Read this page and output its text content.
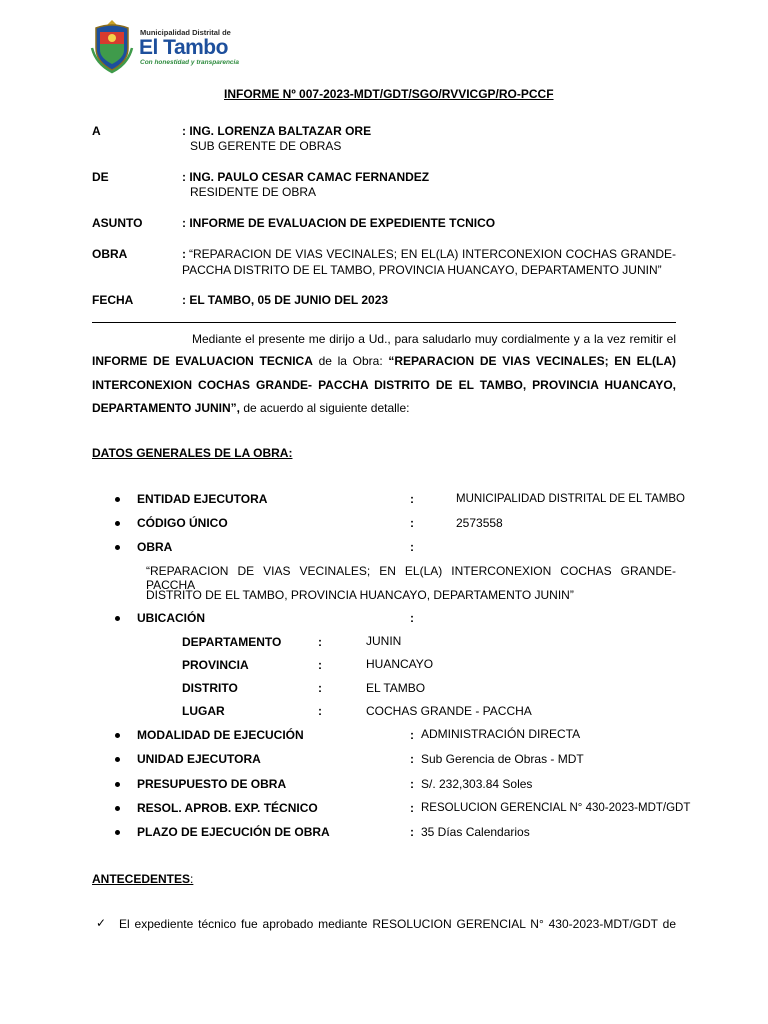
Municipalidad Distrital de
El Tambo
Con honestidad y transparencia
INFORME Nº 007-2023-MDT/GDT/SGO/RVVICGP/RO-PCCF
A	: ING. LORENZA BALTAZAR ORE
SUB GERENTE DE OBRAS
DE	: ING. PAULO CESAR CAMAC FERNANDEZ
RESIDENTE DE OBRA
ASUNTO	: INFORME DE EVALUACION DE EXPEDIENTE TCNICO
OBRA	: “REPARACION DE VIAS VECINALES; EN EL(LA) INTERCONEXION COCHAS GRANDE-
PACCHA DISTRITO DE EL TAMBO, PROVINCIA HUANCAYO, DEPARTAMENTO JUNIN”
FECHA	: EL TAMBO, 05 DE JUNIO DEL 2023
Mediante el presente me dirijo a Ud., para saludarlo muy cordialmente y a la vez remitir el
INFORME DE EVALUACION TECNICA de la Obra: “REPARACION DE VIAS VECINALES; EN EL(LA)
INTERCONEXION COCHAS GRANDE- PACCHA DISTRITO DE EL TAMBO, PROVINCIA HUANCAYO,
DEPARTAMENTO JUNIN”, de acuerdo al siguiente detalle:
DATOS GENERALES DE LA OBRA:
ENTIDAD EJECUTORA	:	MUNICIPALIDAD DISTRITAL DE EL TAMBO
CÓDIGO ÚNICO	:	2573558
OBRA	:
“REPARACION DE VIAS VECINALES; EN EL(LA) INTERCONEXION COCHAS GRANDE- PACCHA
DISTRITO DE EL TAMBO, PROVINCIA HUANCAYO, DEPARTAMENTO JUNIN”
UBICACIÓN	:
DEPARTAMENTO	:	JUNIN
PROVINCIA	:	HUANCAYO
DISTRITO	:	EL TAMBO
LUGAR	:	COCHAS GRANDE - PACCHA
MODALIDAD DE EJECUCIÓN	: ADMINISTRACIÓN DIRECTA
UNIDAD EJECUTORA	: Sub Gerencia de Obras - MDT
PRESUPUESTO DE OBRA	: S/. 232,303.84 Soles
RESOL. APROB. EXP. TÉCNICO	: RESOLUCION GERENCIAL N° 430-2023-MDT/GDT
PLAZO DE EJECUCIÓN DE OBRA	: 35 Días Calendarios
ANTECEDENTES:
✓ El expediente técnico fue aprobado mediante RESOLUCION GERENCIAL N° 430-2023-MDT/GDT de
